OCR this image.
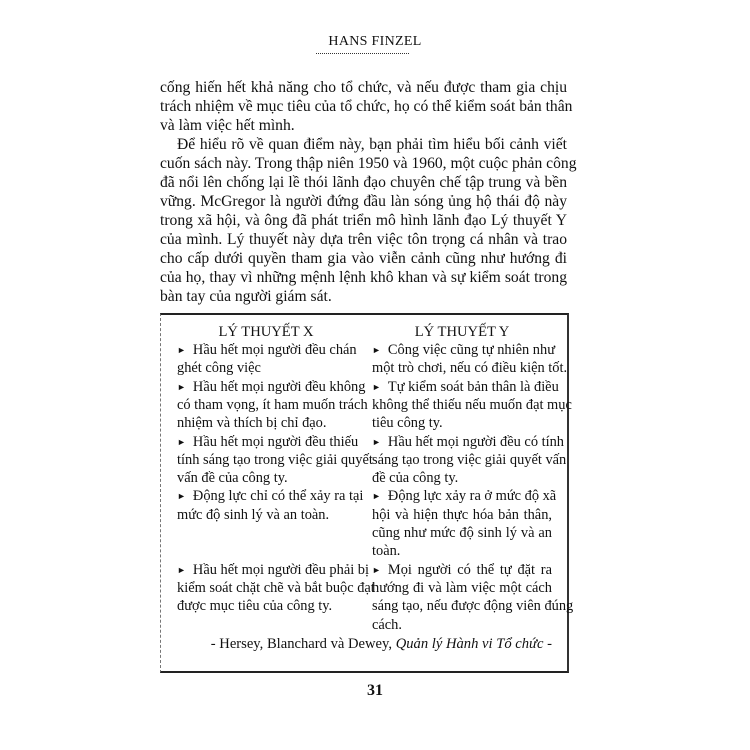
HANS FINZEL
cống hiến hết khả năng cho tổ chức, và nếu được tham gia chịu
trách nhiệm về mục tiêu của tổ chức, họ có thể kiểm soát bản thân
và làm việc hết mình.
Để hiểu rõ về quan điểm này, bạn phải tìm hiểu bối cảnh viết
cuốn sách này. Trong thập niên 1950 và 1960, một cuộc phản công
đã nổi lên chống lại lề thói lãnh đạo chuyên chế tập trung và bền
vững. McGregor là người đứng đầu làn sóng ủng hộ thái độ này
trong xã hội, và ông đã phát triển mô hình lãnh đạo Lý thuyết Y
của mình. Lý thuyết này dựa trên việc tôn trọng cá nhân và trao
cho cấp dưới quyền tham gia vào viễn cảnh cũng như hướng đi
của họ, thay vì những mệnh lệnh khô khan và sự kiểm soát trong
bàn tay của người giám sát.
LÝ THUYẾT X	LÝ THUYẾT Y
► Hầu hết mọi người đều chán
ghét công việc
► Hầu hết mọi người đều không
có tham vọng, ít ham muốn trách
nhiệm và thích bị chỉ đạo.
► Hầu hết mọi người đều thiếu
tính sáng tạo trong việc giải quyết
vấn đề của công ty.
► Động lực chỉ có thể xảy ra tại
mức độ sinh lý và an toàn.
► Hầu hết mọi người đều phải bị
kiểm soát chặt chẽ và bắt buộc đạt
được mục tiêu của công ty.
► Công việc cũng tự nhiên như
một trò chơi, nếu có điều kiện tốt.
► Tự kiểm soát bản thân là điều
không thể thiếu nếu muốn đạt mục
tiêu công ty.
► Hầu hết mọi người đều có tính
sáng tạo trong việc giải quyết vấn
đề của công ty.
► Động lực xảy ra ở mức độ xã
hội và hiện thực hóa bản thân,
cũng như mức độ sinh lý và an
toàn.
► Mọi người có thể tự đặt ra
hướng đi và làm việc một cách
sáng tạo, nếu được động viên đúng
cách.
- Hersey, Blanchard và Dewey, Quản lý Hành vi Tổ chức -
31
